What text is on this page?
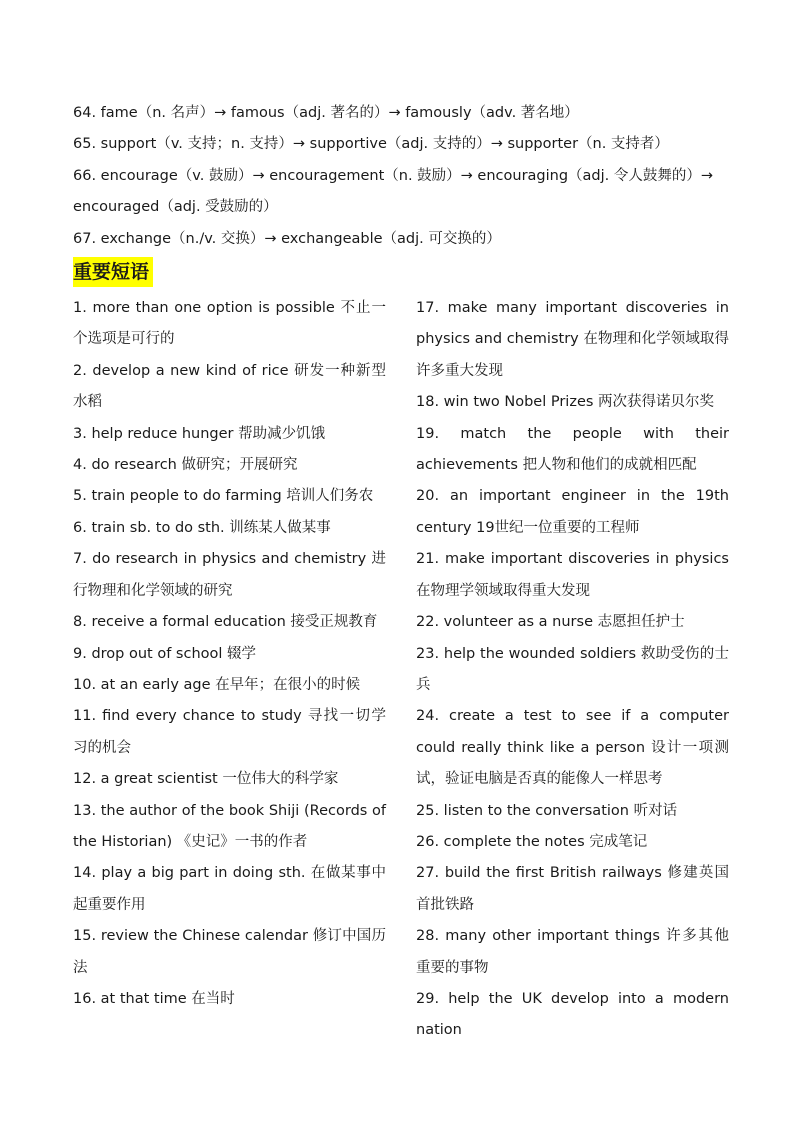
64. fame（n. 名声）→ famous（adj. 著名的）→ famously（adv. 著名地）

65. support（v. 支持；n. 支持）→ supportive（adj. 支持的）→ supporter（n. 支持者）

66. encourage（v. 鼓励）→ encouragement（n. 鼓励）→ encouraging（adj. 令人鼓舞的）→ encouraged（adj. 受鼓励的）

67. exchange（n./v. 交换）→ exchangeable（adj. 可交换的）

重要短语

1. more than one option is possible 不止一个选项是可行的

2. develop a new kind of rice 研发一种新型水稻

3. help reduce hunger 帮助减少饥饿

4. do research 做研究；开展研究

5. train people to do farming 培训人们务农

6. train sb. to do sth. 训练某人做某事

7. do research in physics and chemistry 进行物理和化学领域的研究

8. receive a formal education 接受正规教育

9. drop out of school 辍学

10. at an early age 在早年；在很小的时候

11. find every chance to study 寻找一切学习的机会

12. a great scientist 一位伟大的科学家

13. the author of the book Shiji (Records of the Historian) 《史记》一书的作者

14. play a big part in doing sth. 在做某事中起重要作用

15. review the Chinese calendar 修订中国历法

16. at that time 在当时

17. make many important discoveries in physics and chemistry 在物理和化学领域取得许多重大发现

18. win two Nobel Prizes 两次获得诺贝尔奖

19. match the people with their achievements 把人物和他们的成就相匹配

20. an important engineer in the 19th century 19世纪一位重要的工程师

21. make important discoveries in physics 在物理学领域取得重大发现

22. volunteer as a nurse 志愿担任护士

23. help the wounded soldiers 救助受伤的士兵

24. create a test to see if a computer could really think like a person 设计一项测试，验证电脑是否真的能像人一样思考

25. listen to the conversation 听对话

26. complete the notes 完成笔记

27. build the first British railways 修建英国首批铁路

28. many other important things 许多其他重要的事物

29. help the UK develop into a modern nation
